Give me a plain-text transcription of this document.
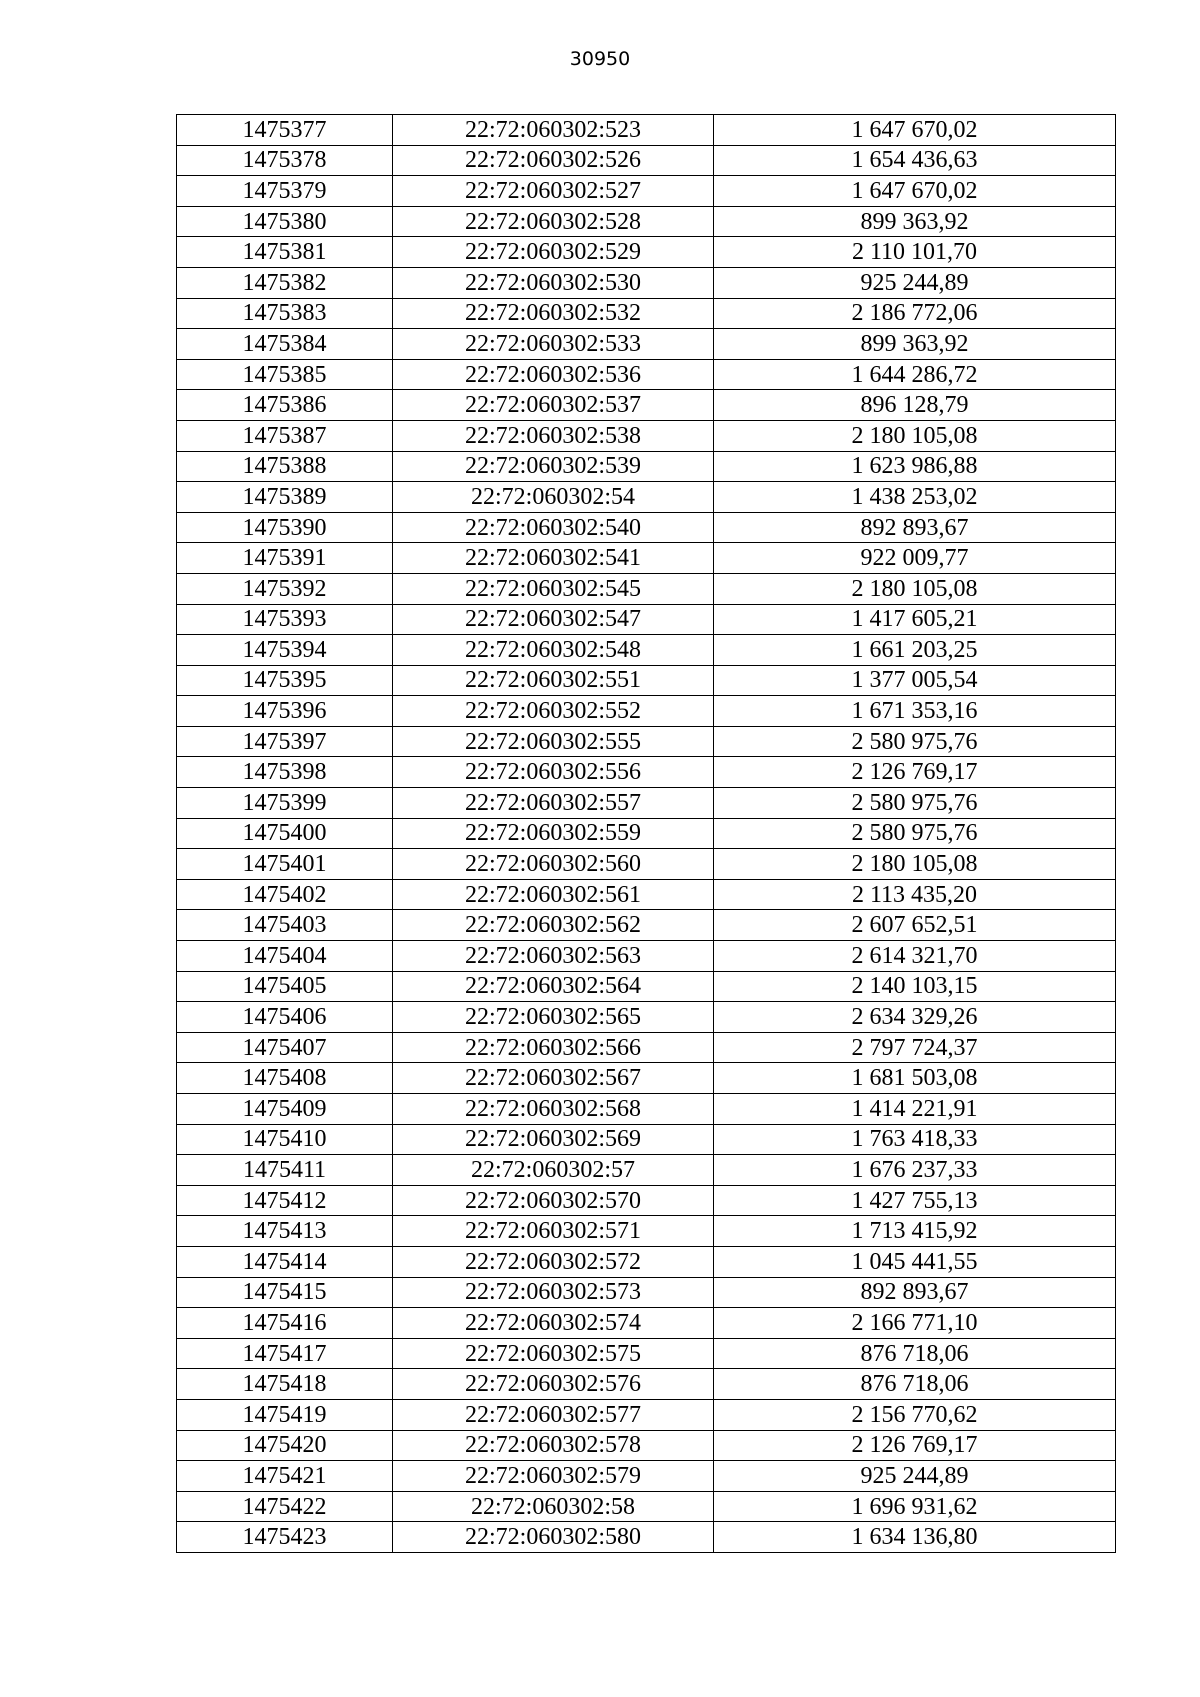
30950
1475377	22:72:060302:523	1 647 670,02
1475378	22:72:060302:526	1 654 436,63
1475379	22:72:060302:527	1 647 670,02
1475380	22:72:060302:528	899 363,92
1475381	22:72:060302:529	2 110 101,70
1475382	22:72:060302:530	925 244,89
1475383	22:72:060302:532	2 186 772,06
1475384	22:72:060302:533	899 363,92
1475385	22:72:060302:536	1 644 286,72
1475386	22:72:060302:537	896 128,79
1475387	22:72:060302:538	2 180 105,08
1475388	22:72:060302:539	1 623 986,88
1475389	22:72:060302:54	1 438 253,02
1475390	22:72:060302:540	892 893,67
1475391	22:72:060302:541	922 009,77
1475392	22:72:060302:545	2 180 105,08
1475393	22:72:060302:547	1 417 605,21
1475394	22:72:060302:548	1 661 203,25
1475395	22:72:060302:551	1 377 005,54
1475396	22:72:060302:552	1 671 353,16
1475397	22:72:060302:555	2 580 975,76
1475398	22:72:060302:556	2 126 769,17
1475399	22:72:060302:557	2 580 975,76
1475400	22:72:060302:559	2 580 975,76
1475401	22:72:060302:560	2 180 105,08
1475402	22:72:060302:561	2 113 435,20
1475403	22:72:060302:562	2 607 652,51
1475404	22:72:060302:563	2 614 321,70
1475405	22:72:060302:564	2 140 103,15
1475406	22:72:060302:565	2 634 329,26
1475407	22:72:060302:566	2 797 724,37
1475408	22:72:060302:567	1 681 503,08
1475409	22:72:060302:568	1 414 221,91
1475410	22:72:060302:569	1 763 418,33
1475411	22:72:060302:57	1 676 237,33
1475412	22:72:060302:570	1 427 755,13
1475413	22:72:060302:571	1 713 415,92
1475414	22:72:060302:572	1 045 441,55
1475415	22:72:060302:573	892 893,67
1475416	22:72:060302:574	2 166 771,10
1475417	22:72:060302:575	876 718,06
1475418	22:72:060302:576	876 718,06
1475419	22:72:060302:577	2 156 770,62
1475420	22:72:060302:578	2 126 769,17
1475421	22:72:060302:579	925 244,89
1475422	22:72:060302:58	1 696 931,62
1475423	22:72:060302:580	1 634 136,80
